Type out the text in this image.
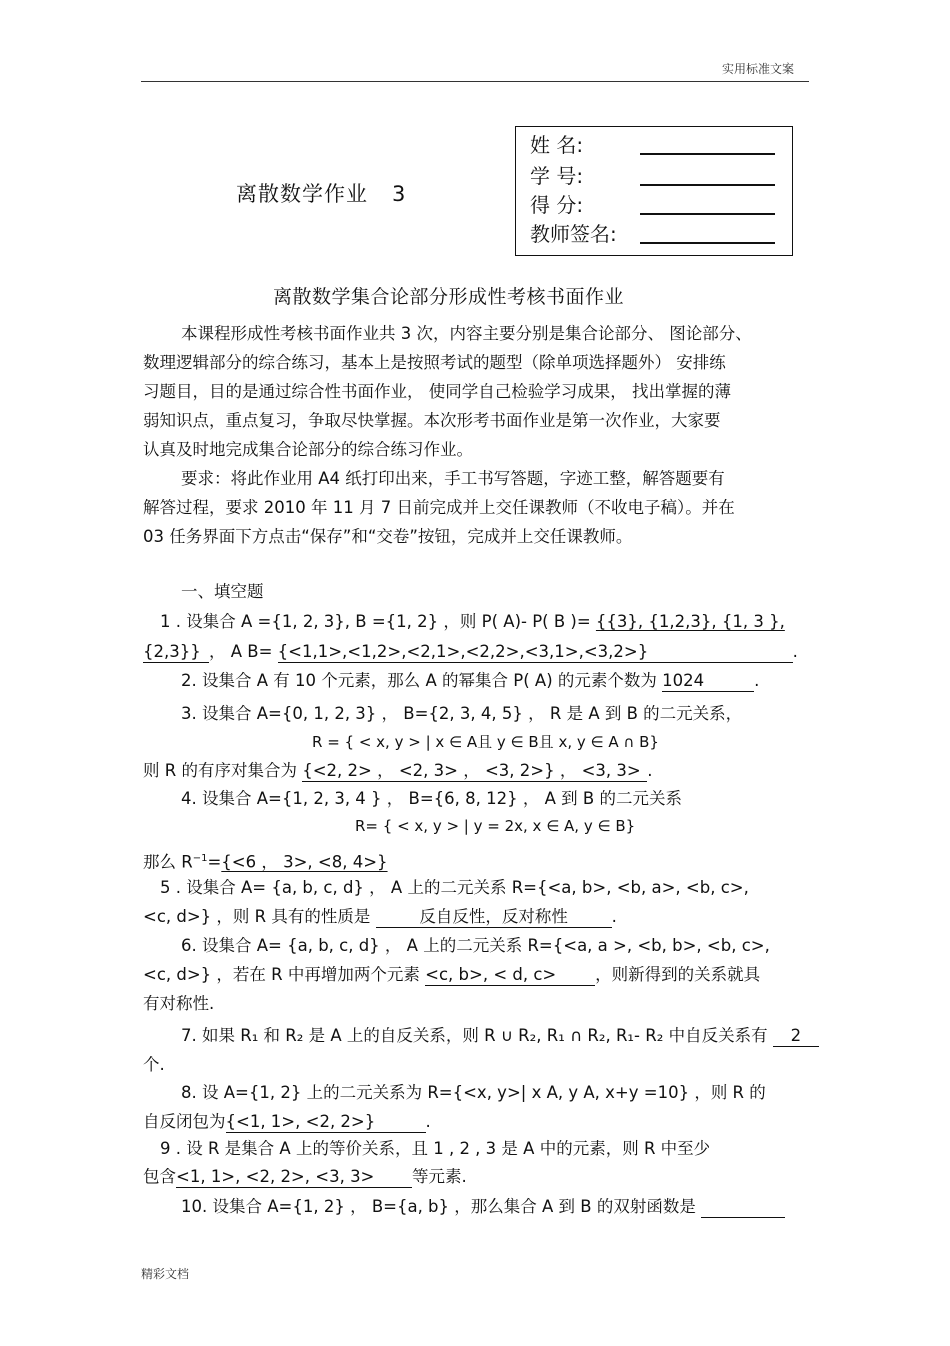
实用标准文案
离散数学作业 3
姓 名:
学 号:
得 分:
教师签名:
离散数学集合论部分形成性考核书面作业
本课程形成性考核书面作业共 3 次，内容主要分别是集合论部分、 图论部分、
数理逻辑部分的综合练习，基本上是按照考试的题型（除单项选择题外） 安排练
习题目，目的是通过综合性书面作业， 使同学自己检验学习成果， 找出掌握的薄
弱知识点，重点复习，争取尽快掌握。本次形考书面作业是第一次作业，大家要
认真及时地完成集合论部分的综合练习作业。
要求：将此作业用 A4 纸打印出来，手工书写答题，字迹工整，解答题要有
解答过程，要求 2010 年 11 月 7 日前完成并上交任课教师（不收电子稿）。并在
03 任务界面下方点击“保存”和“交卷”按钮，完成并上交任课教师。
一、填空题
1 . 设集合 A ={1, 2, 3}, B ={1, 2} ，则 P( A)- P( B )= {{3}, {1,2,3}, {1, 3 },
{2,3}} ， A B= {<1,1>,<1,2>,<2,1>,<2,2>,<3,1>,<3,2>}	.
2. 设集合 A 有 10 个元素，那么 A 的幂集合 P( A) 的元素个数为 1024	.
3. 设集合 A={0, 1, 2, 3} ， B={2, 3, 4, 5} ， R 是 A 到 B 的二元关系，
R = { < x, y > | x ∈ A且 y ∈ B且 x, y ∈ A ∩ B}
则 R 的有序对集合为 {<2, 2> ， <2, 3> ， <3, 2>} ， <3, 3> .
4. 设集合 A={1, 2, 3, 4 } ， B={6, 8, 12} ， A 到 B 的二元关系
R= { < x, y > | y = 2x, x ∈ A, y ∈ B}
那么 $R^{-1}=\{<6$ ， 3>, <8, 4>}
5 . 设集合 A= {a, b, c, d} ， A 上的二元关系 R={<a, b>, <b, a>, <b, c>,
<c, d>} ，则 R 具有的性质是	反自反性，反对称性	.
6. 设集合 A= {a, b, c, d} ， A 上的二元关系 R={<a, a >, <b, b>, <b, c>,
<c, d>} ，若在 R 中再增加两个元素 <c, b>, < d, c> ，则新得到的关系就具
有对称性.
7. 如果 R₁ 和 R₂ 是 A 上的自反关系，则 R ∪ R₂, R₁ ∩ R₂, R₁- R₂ 中自反关系有 2
个.
8. 设 A={1, 2} 上的二元关系为 R={<x, y>| x A, y A, x+y =10} ，则 R 的
自反闭包为{<1, 1>, <2, 2>}	.
9 . 设 R 是集合 A 上的等价关系，且 1 , 2 , 3 是 A 中的元素，则 R 中至少
包含<1, 1>, <2, 2>, <3, 3> 等元素.
10. 设集合 A={1, 2} ， B={a, b} ，那么集合 A 到 B 的双射函数是
精彩文档
